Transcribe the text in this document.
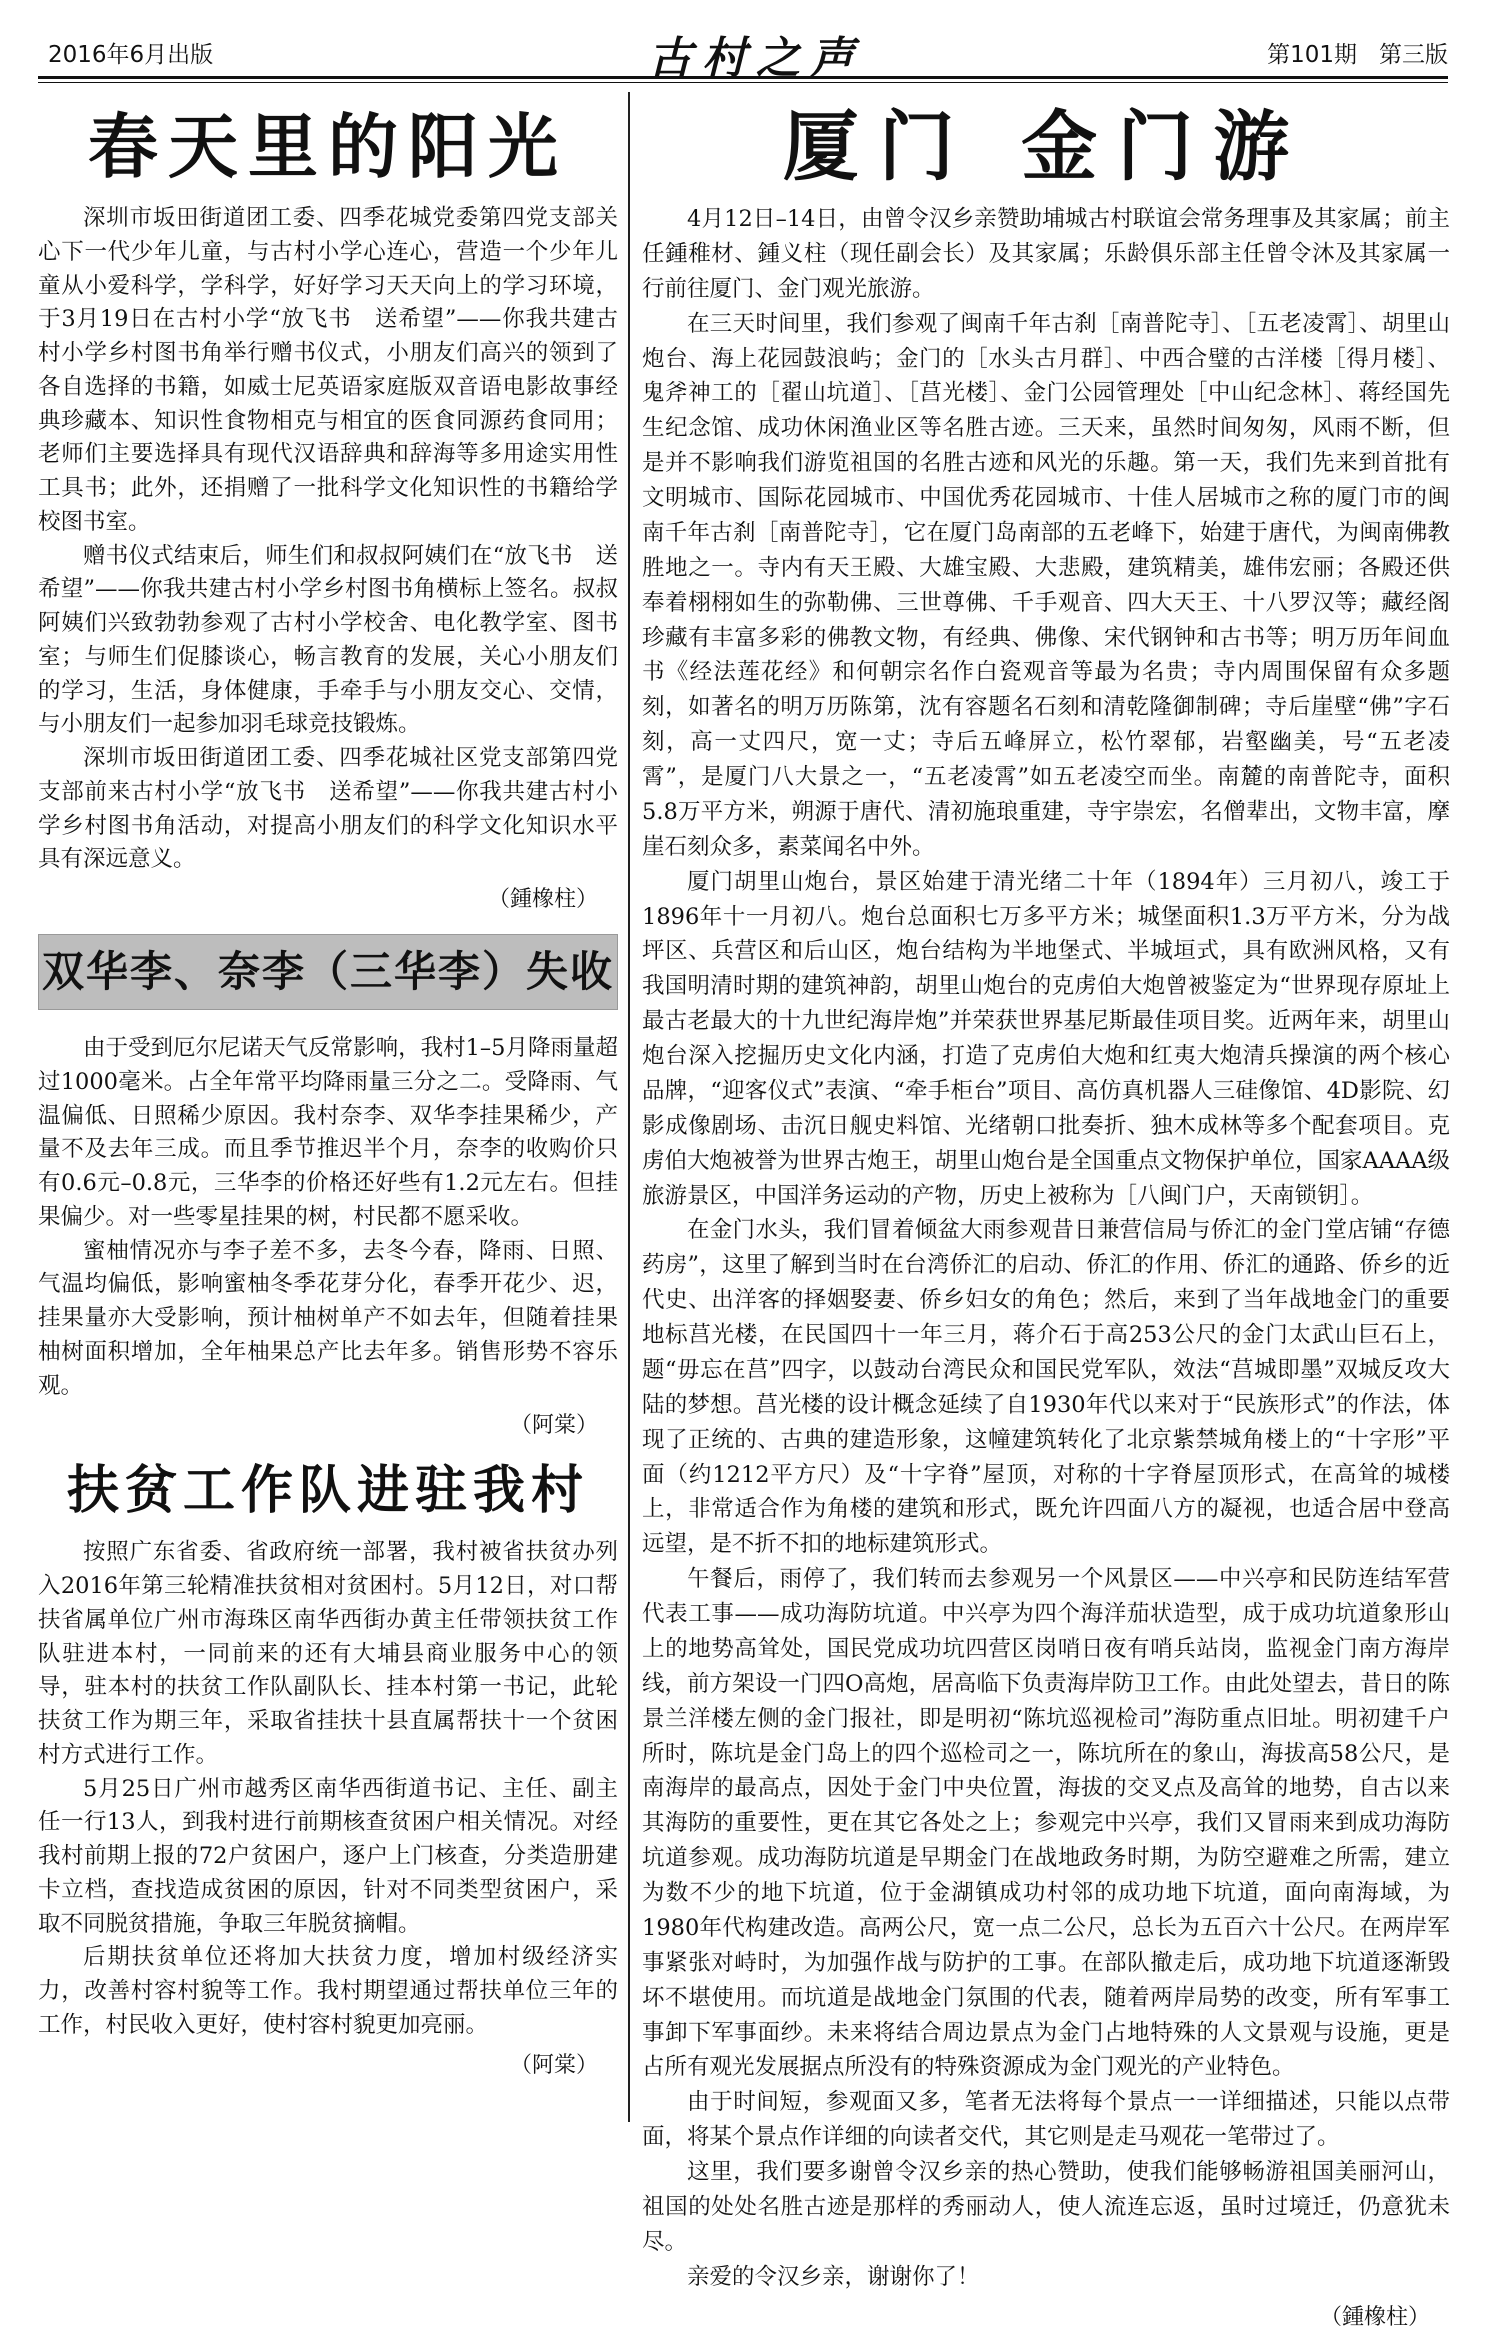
2016年6月出版	古村之声	第101期 第三版
春天里的阳光

深圳市坂田街道团工委、四季花城党委第四党支部关心下一代少年儿童，与古村小学心连心，营造一个少年儿童从小爱科学，学科学，好好学习天天向上的学习环境，于3月19日在古村小学“放飞书　送希望”——你我共建古村小学乡村图书角举行赠书仪式，小朋友们高兴的领到了各自选择的书籍，如威士尼英语家庭版双音语电影故事经典珍藏本、知识性食物相克与相宜的医食同源药食同用；老师们主要选择具有现代汉语辞典和辞海等多用途实用性工具书；此外，还捐赠了一批科学文化知识性的书籍给学校图书室。

赠书仪式结束后，师生们和叔叔阿姨们在“放飞书　送希望”——你我共建古村小学乡村图书角横标上签名。叔叔阿姨们兴致勃勃参观了古村小学校舍、电化教学室、图书室；与师生们促膝谈心，畅言教育的发展，关心小朋友们的学习，生活，身体健康，手牵手与小朋友交心、交情，与小朋友们一起参加羽毛球竞技锻炼。

深圳市坂田街道团工委、四季花城社区党支部第四党支部前来古村小学“放飞书　送希望”——你我共建古村小学乡村图书角活动，对提高小朋友们的科学文化知识水平具有深远意义。

（鍾橡柱）
双华李、奈李（三华李）失收

由于受到厄尔尼诺天气反常影响，我村1–5月降雨量超过1000毫米。占全年常平均降雨量三分之二。受降雨、气温偏低、日照稀少原因。我村奈李、双华李挂果稀少，产量不及去年三成。而且季节推迟半个月，奈李的收购价只有0.6元–0.8元，三华李的价格还好些有1.2元左右。但挂果偏少。对一些零星挂果的树，村民都不愿采收。

蜜柚情况亦与李子差不多，去冬今春，降雨、日照、气温均偏低，影响蜜柚冬季花芽分化，春季开花少、迟，挂果量亦大受影响，预计柚树单产不如去年，但随着挂果柚树面积增加，全年柚果总产比去年多。销售形势不容乐观。

（阿棠）
扶贫工作队进驻我村

按照广东省委、省政府统一部署，我村被省扶贫办列入2016年第三轮精准扶贫相对贫困村。5月12日，对口帮扶省属单位广州市海珠区南华西街办黄主任带领扶贫工作队驻进本村，一同前来的还有大埔县商业服务中心的领导，驻本村的扶贫工作队副队长、挂本村第一书记，此轮扶贫工作为期三年，采取省挂扶十县直属帮扶十一个贫困村方式进行工作。

5月25日广州市越秀区南华西街道书记、主任、副主任一行13人，到我村进行前期核查贫困户相关情况。对经我村前期上报的72户贫困户，逐户上门核查，分类造册建卡立档，查找造成贫困的原因，针对不同类型贫困户，采取不同脱贫措施，争取三年脱贫摘帽。

后期扶贫单位还将加大扶贫力度，增加村级经济实力，改善村容村貌等工作。我村期望通过帮扶单位三年的工作，村民收入更好，使村容村貌更加亮丽。

（阿棠）
厦门 金门游

4月12日–14日，由曾令汉乡亲赞助埔城古村联谊会常务理事及其家属；前主任鍾稚材、鍾义柱（现任副会长）及其家属；乐龄俱乐部主任曾令沐及其家属一行前往厦门、金门观光旅游。

在三天时间里，我们参观了闽南千年古刹［南普陀寺］、［五老凌霄］、胡里山炮台、海上花园鼓浪屿；金门的［水头古月群］、中西合璧的古洋楼［得月楼］、鬼斧神工的［翟山坑道］、［莒光楼］、金门公园管理处［中山纪念林］、蒋经国先生纪念馆、成功休闲渔业区等名胜古迹。三天来，虽然时间匆匆，风雨不断，但是并不影响我们游览祖国的名胜古迹和风光的乐趣。第一天，我们先来到首批有文明城市、国际花园城市、中国优秀花园城市、十佳人居城市之称的厦门市的闽南千年古刹［南普陀寺］，它在厦门岛南部的五老峰下，始建于唐代，为闽南佛教胜地之一。寺内有天王殿、大雄宝殿、大悲殿，建筑精美，雄伟宏丽；各殿还供奉着栩栩如生的弥勒佛、三世尊佛、千手观音、四大天王、十八罗汉等；藏经阁珍藏有丰富多彩的佛教文物，有经典、佛像、宋代钢钟和古书等；明万历年间血书《经法莲花经》和何朝宗名作白瓷观音等最为名贵；寺内周围保留有众多题刻，如著名的明万历陈第，沈有容题名石刻和清乾隆御制碑；寺后崖壁“佛”字石刻，高一丈四尺，宽一丈；寺后五峰屏立，松竹翠郁，岩壑幽美，号“五老凌霄”，是厦门八大景之一，“五老凌霄”如五老凌空而坐。南麓的南普陀寺，面积5.8万平方米，朔源于唐代、清初施琅重建，寺宇崇宏，名僧辈出，文物丰富，摩崖石刻众多，素菜闻名中外。

厦门胡里山炮台，景区始建于清光绪二十年（1894年）三月初八，竣工于1896年十一月初八。炮台总面积七万多平方米；城堡面积1.3万平方米，分为战坪区、兵营区和后山区，炮台结构为半地堡式、半城垣式，具有欧洲风格，又有我国明清时期的建筑神韵，胡里山炮台的克虏伯大炮曾被鉴定为“世界现存原址上最古老最大的十九世纪海岸炮”并荣获世界基尼斯最佳项目奖。近两年来，胡里山炮台深入挖掘历史文化内涵，打造了克虏伯大炮和红夷大炮清兵操演的两个核心品牌，“迎客仪式”表演、“牵手柜台”项目、高仿真机器人三硅像馆、4D影院、幻影成像剧场、击沉日舰史料馆、光绪朝口批奏折、独木成林等多个配套项目。克虏伯大炮被誉为世界古炮王，胡里山炮台是全国重点文物保护单位，国家AAAA级旅游景区，中国洋务运动的产物，历史上被称为［八闽门户，天南锁钥］。

在金门水头，我们冒着倾盆大雨参观昔日兼营信局与侨汇的金门堂店铺“存德药房”，这里了解到当时在台湾侨汇的启动、侨汇的作用、侨汇的通路、侨乡的近代史、出洋客的择姻娶妻、侨乡妇女的角色；然后，来到了当年战地金门的重要地标莒光楼，在民国四十一年三月，蒋介石于高253公尺的金门太武山巨石上，题“毋忘在莒”四字，以鼓动台湾民众和国民党军队，效法“莒城即墨”双城反攻大陆的梦想。莒光楼的设计概念延续了自1930年代以来对于“民族形式”的作法，体现了正统的、古典的建造形象，这幢建筑转化了北京紫禁城角楼上的“十字形”平面（约1212平方尺）及“十字脊”屋顶，对称的十字脊屋顶形式，在高耸的城楼上，非常适合作为角楼的建筑和形式，既允许四面八方的凝视，也适合居中登高远望，是不折不扣的地标建筑形式。

午餐后，雨停了，我们转而去参观另一个风景区——中兴亭和民防连结军营代表工事——成功海防坑道。中兴亭为四个海洋茄状造型，成于成功坑道象形山上的地势高耸处，国民党成功坑四营区岗哨日夜有哨兵站岗，监视金门南方海岸线，前方架设一门四O高炮，居高临下负责海岸防卫工作。由此处望去，昔日的陈景兰洋楼左侧的金门报社，即是明初“陈坑巡视检司”海防重点旧址。明初建千户所时，陈坑是金门岛上的四个巡检司之一，陈坑所在的象山，海拔高58公尺，是南海岸的最高点，因处于金门中央位置，海拔的交叉点及高耸的地势，自古以来其海防的重要性，更在其它各处之上；参观完中兴亭，我们又冒雨来到成功海防坑道参观。成功海防坑道是早期金门在战地政务时期，为防空避难之所需，建立为数不少的地下坑道，位于金湖镇成功村邻的成功地下坑道，面向南海域，为1980年代构建改造。高两公尺，宽一点二公尺，总长为五百六十公尺。在两岸军事紧张对峙时，为加强作战与防护的工事。在部队撤走后，成功地下坑道逐渐毁坏不堪使用。而坑道是战地金门氛围的代表，随着两岸局势的改变，所有军事工事卸下军事面纱。未来将结合周边景点为金门占地特殊的人文景观与设施，更是占所有观光发展据点所没有的特殊资源成为金门观光的产业特色。

由于时间短，参观面又多，笔者无法将每个景点一一详细描述，只能以点带面，将某个景点作详细的向读者交代，其它则是走马观花一笔带过了。

这里，我们要多谢曾令汉乡亲的热心赞助，使我们能够畅游祖国美丽河山，祖国的处处名胜古迹是那样的秀丽动人，使人流连忘返，虽时过境迁，仍意犹未尽。

亲爱的令汉乡亲，谢谢你了！

（鍾橡柱）
